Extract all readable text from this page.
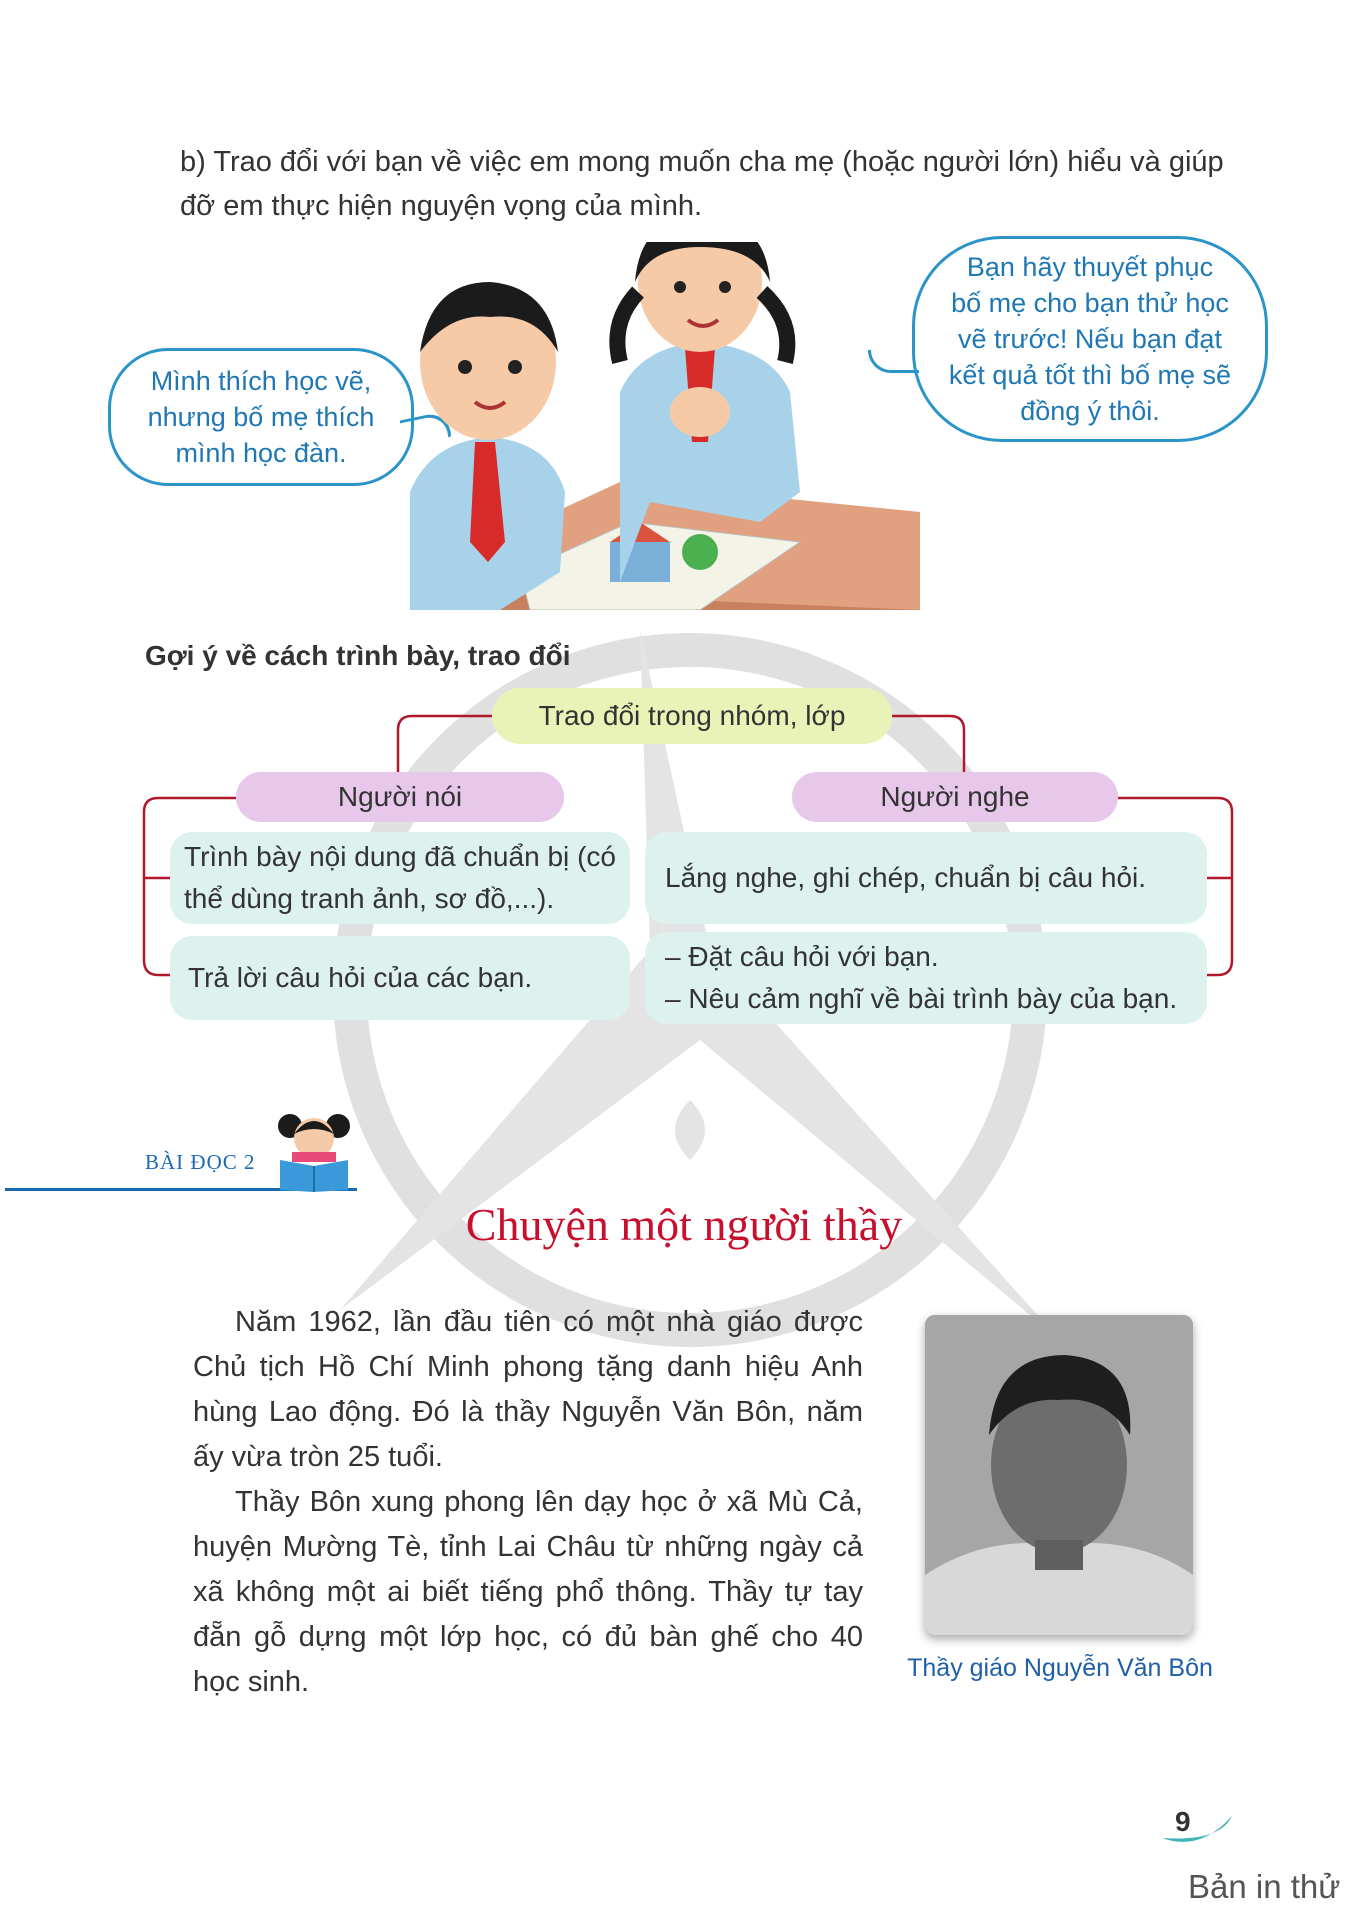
b) Trao đổi với bạn về việc em mong muốn cha mẹ (hoặc người lớn) hiểu và giúp
đỡ em thực hiện nguyện vọng của mình.
Mình thích học vẽ,
nhưng bố mẹ thích
mình học đàn.
Bạn hãy thuyết phục
bố mẹ cho bạn thử học
vẽ trước! Nếu bạn đạt
kết quả tốt thì bố mẹ sẽ
đồng ý thôi.
Gợi ý về cách trình bày, trao đổi
Trao đổi trong nhóm, lớp
Người nói	Người nghe
Trình bày nội dung đã chuẩn bị (có thể dùng tranh ảnh, sơ đồ,...).
Trả lời câu hỏi của các bạn.
Lắng nghe, ghi chép, chuẩn bị câu hỏi.
– Đặt câu hỏi với bạn.
– Nêu cảm nghĩ về bài trình bày của bạn.
BÀI ĐỌC 2
Chuyện một người thầy

Năm 1962, lần đầu tiên có một nhà giáo được Chủ tịch Hồ Chí Minh phong tặng danh hiệu Anh hùng Lao động. Đó là thầy Nguyễn Văn Bôn, năm ấy vừa tròn 25 tuổi.

Thầy Bôn xung phong lên dạy học ở xã Mù Cả, huyện Mường Tè, tỉnh Lai Châu từ những ngày cả xã không một ai biết tiếng phổ thông. Thầy tự tay đẵn gỗ dựng một lớp học, có đủ bàn ghế cho 40 học sinh.	Thầy giáo Nguyễn Văn Bôn
9
Bản in thử
